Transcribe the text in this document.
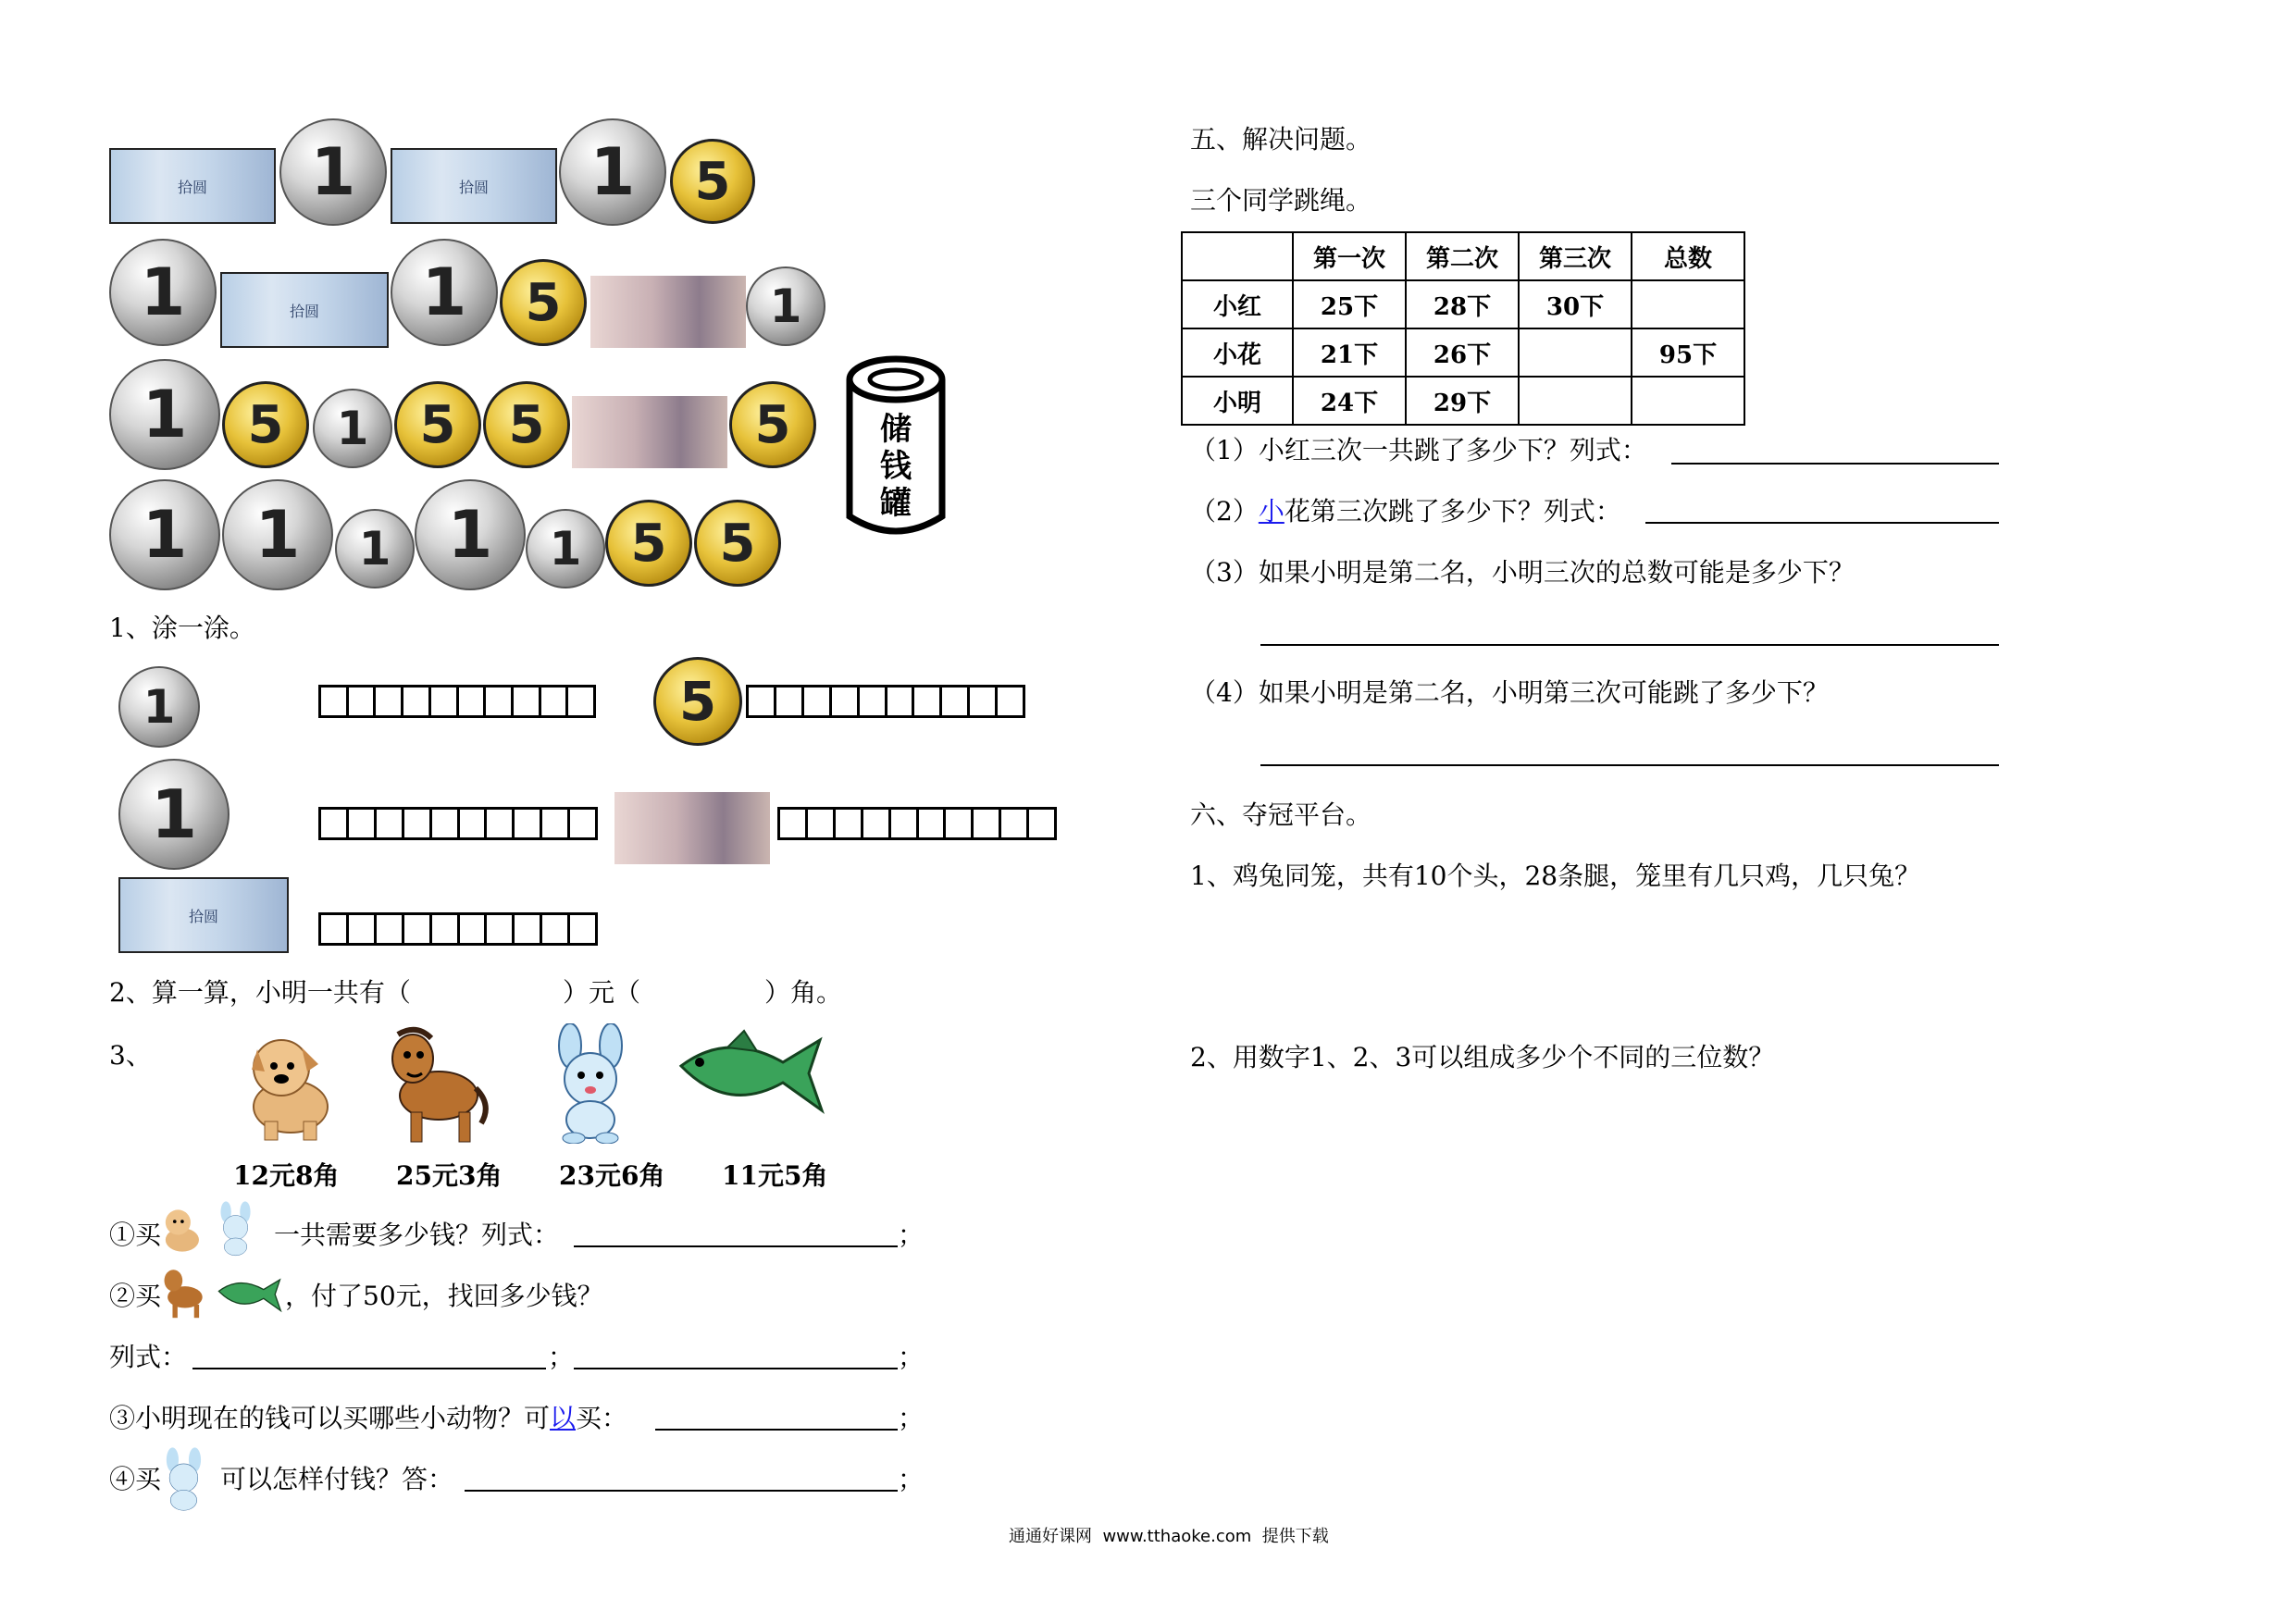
拾圆 1	拾圆 1 5
1	拾圆 1 5	1
1 5 1 5 5	5
1 1 1 1 1 5 5
储
钱
罐
1、涂一涂。
1	5
1
拾圆
2、算一算，小明一共有（	）元（	）角。
3、
12元8角 25元3角 23元6角 11元5角
①买	一共需要多少钱？列式：	；
②买	，付了50元，找回多少钱？
列式：	；	；
③小明现在的钱可以买哪些小动物？可以买：	；
④买 可以怎样付钱？答：	；
五、解决问题。
三个同学跳绳。
	第一次	第二次	第三次	总数
小红	25下	28下	30下	
小花	21下	26下		95下
小明	24下	29下		
（1）小红三次一共跳了多少下？列式：
（2）小花第三次跳了多少下？列式：
（3）如果小明是第二名，小明三次的总数可能是多少下？
（4）如果小明是第二名，小明第三次可能跳了多少下？
六、夺冠平台。
1、鸡兔同笼，共有10个头，28条腿，笼里有几只鸡，几只兔？
2、用数字1、2、3可以组成多少个不同的三位数？
通通好课网  www.tthaoke.com  提供下载
